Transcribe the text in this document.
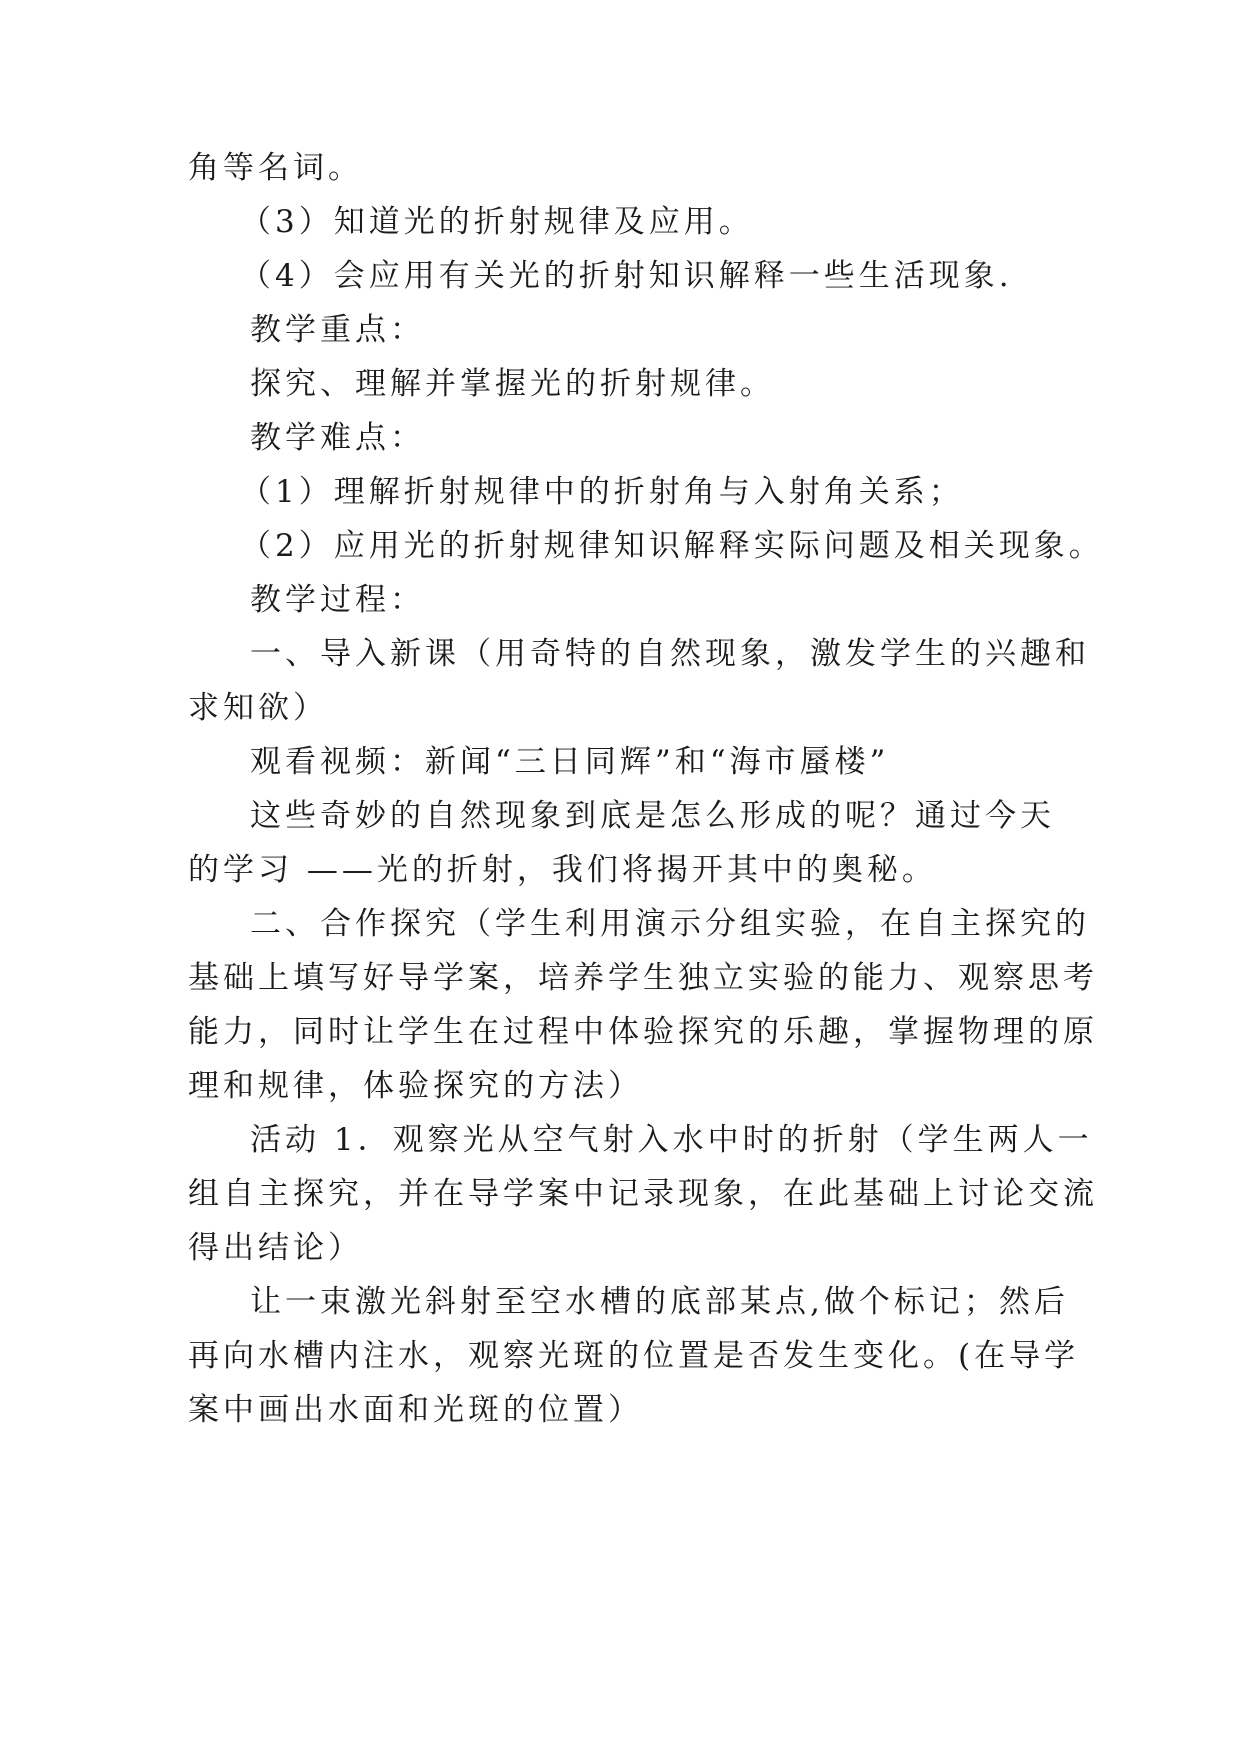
角等名词。
（3）知道光的折射规律及应用。
（4）会应用有关光的折射知识解释一些生活现象.
教学重点：
探究、理解并掌握光的折射规律。
教学难点：
（1）理解折射规律中的折射角与入射角关系；
（2）应用光的折射规律知识解释实际问题及相关现象。
教学过程：
一、导入新课（用奇特的自然现象，激发学生的兴趣和
求知欲）
观看视频：新闻“三日同辉”和“海市蜃楼”
这些奇妙的自然现象到底是怎么形成的呢？通过今天
的学习 ——光的折射，我们将揭开其中的奥秘。
二、合作探究（学生利用演示分组实验，在自主探究的
基础上填写好导学案，培养学生独立实验的能力、观察思考
能力，同时让学生在过程中体验探究的乐趣，掌握物理的原
理和规律，体验探究的方法）
活动 1．观察光从空气射入水中时的折射（学生两人一
组自主探究，并在导学案中记录现象，在此基础上讨论交流
得出结论）
让一束激光斜射至空水槽的底部某点,做个标记；然后
再向水槽内注水，观察光斑的位置是否发生变化。(在导学
案中画出水面和光斑的位置）
